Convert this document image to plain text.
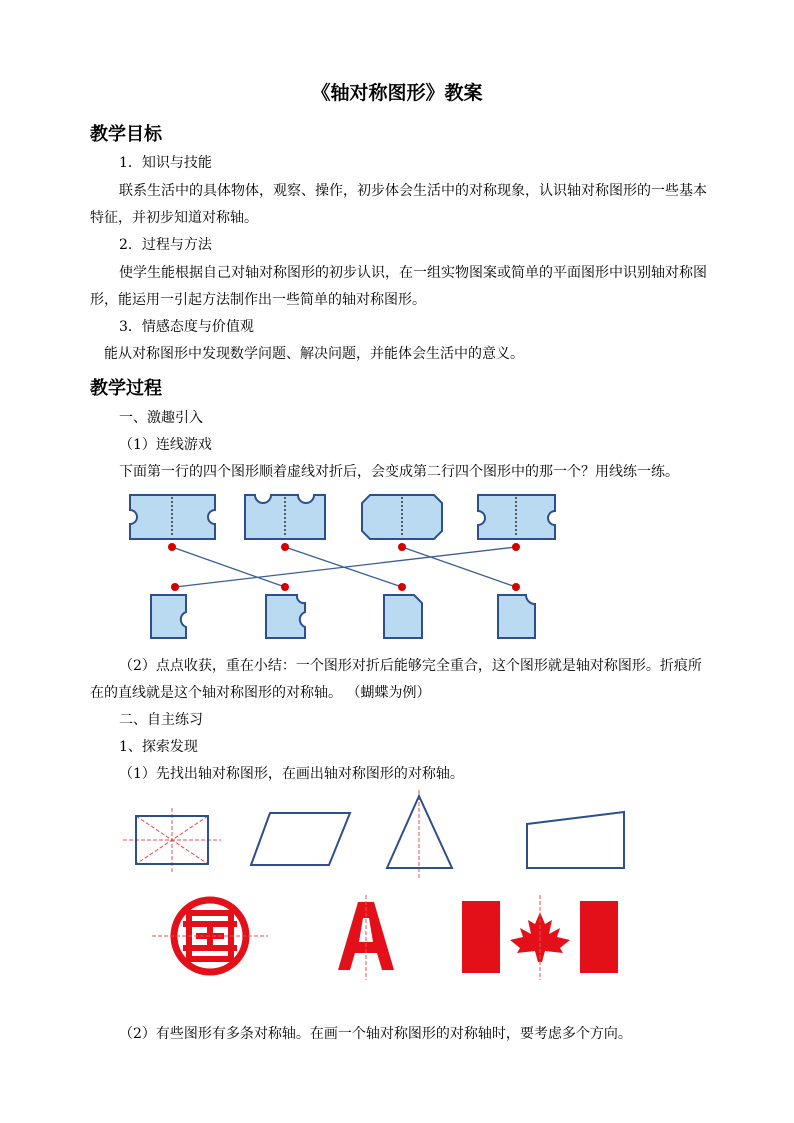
《轴对称图形》教案
教学目标
1．知识与技能
联系生活中的具体物体，观察、操作，初步体会生活中的对称现象，认识轴对称图形的一些基本
特征，并初步知道对称轴。
2．过程与方法
使学生能根据自己对轴对称图形的初步认识，在一组实物图案或简单的平面图形中识别轴对称图
形，能运用一引起方法制作出一些简单的轴对称图形。
3．情感态度与价值观
能从对称图形中发现数学问题、解决问题，并能体会生活中的意义。
教学过程
一、激趣引入
（1）连线游戏
下面第一行的四个图形顺着虚线对折后，会变成第二行四个图形中的那一个？用线练一练。
（2）点点收获，重在小结：一个图形对折后能够完全重合，这个图形就是轴对称图形。折痕所
在的直线就是这个轴对称图形的对称轴。 （蝴蝶为例）
二、自主练习
1、探索发现
（1）先找出轴对称图形，在画出轴对称图形的对称轴。
（2）有些图形有多条对称轴。在画一个轴对称图形的对称轴时，要考虑多个方向。
